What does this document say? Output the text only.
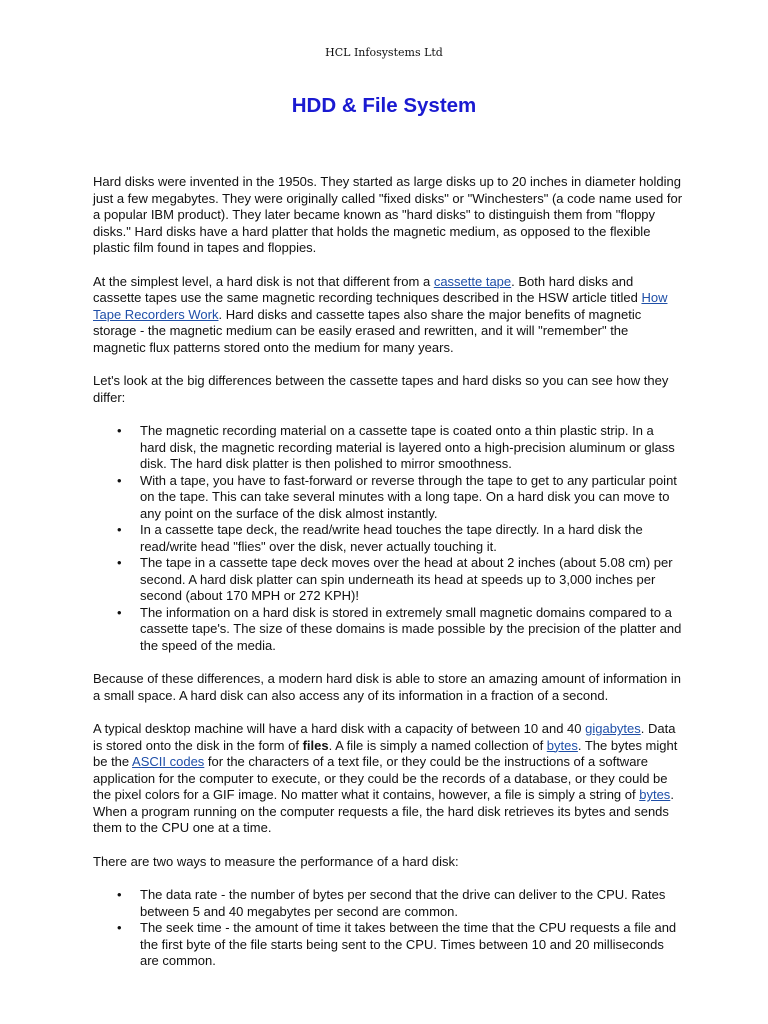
HCL Infosystems Ltd
HDD & File System

Hard disks were invented in the 1950s. They started as large disks up to 20 inches in diameter holding just a few megabytes. They were originally called "fixed disks" or "Winchesters" (a code name used for a popular IBM product). They later became known as "hard disks" to distinguish them from "floppy disks." Hard disks have a hard platter that holds the magnetic medium, as opposed to the flexible plastic film found in tapes and floppies.

At the simplest level, a hard disk is not that different from a cassette tape. Both hard disks and cassette tapes use the same magnetic recording techniques described in the HSW article titled How Tape Recorders Work. Hard disks and cassette tapes also share the major benefits of magnetic storage - the magnetic medium can be easily erased and rewritten, and it will "remember" the magnetic flux patterns stored onto the medium for many years.

Let's look at the big differences between the cassette tapes and hard disks so you can see how they differ:

• The magnetic recording material on a cassette tape is coated onto a thin plastic strip. In a hard disk, the magnetic recording material is layered onto a high-precision aluminum or glass disk. The hard disk platter is then polished to mirror smoothness.
• With a tape, you have to fast-forward or reverse through the tape to get to any particular point on the tape. This can take several minutes with a long tape. On a hard disk you can move to any point on the surface of the disk almost instantly.
• In a cassette tape deck, the read/write head touches the tape directly. In a hard disk the read/write head "flies" over the disk, never actually touching it.
• The tape in a cassette tape deck moves over the head at about 2 inches (about 5.08 cm) per second. A hard disk platter can spin underneath its head at speeds up to 3,000 inches per second (about 170 MPH or 272 KPH)!
• The information on a hard disk is stored in extremely small magnetic domains compared to a cassette tape's. The size of these domains is made possible by the precision of the platter and the speed of the media.

Because of these differences, a modern hard disk is able to store an amazing amount of information in a small space. A hard disk can also access any of its information in a fraction of a second.

A typical desktop machine will have a hard disk with a capacity of between 10 and 40 gigabytes. Data is stored onto the disk in the form of files. A file is simply a named collection of bytes. The bytes might be the ASCII codes for the characters of a text file, or they could be the instructions of a software application for the computer to execute, or they could be the records of a database, or they could be the pixel colors for a GIF image. No matter what it contains, however, a file is simply a string of bytes. When a program running on the computer requests a file, the hard disk retrieves its bytes and sends them to the CPU one at a time.

There are two ways to measure the performance of a hard disk:

• The data rate - the number of bytes per second that the drive can deliver to the CPU. Rates between 5 and 40 megabytes per second are common.
• The seek time - the amount of time it takes between the time that the CPU requests a file and the first byte of the file starts being sent to the CPU. Times between 10 and 20 milliseconds are common.
